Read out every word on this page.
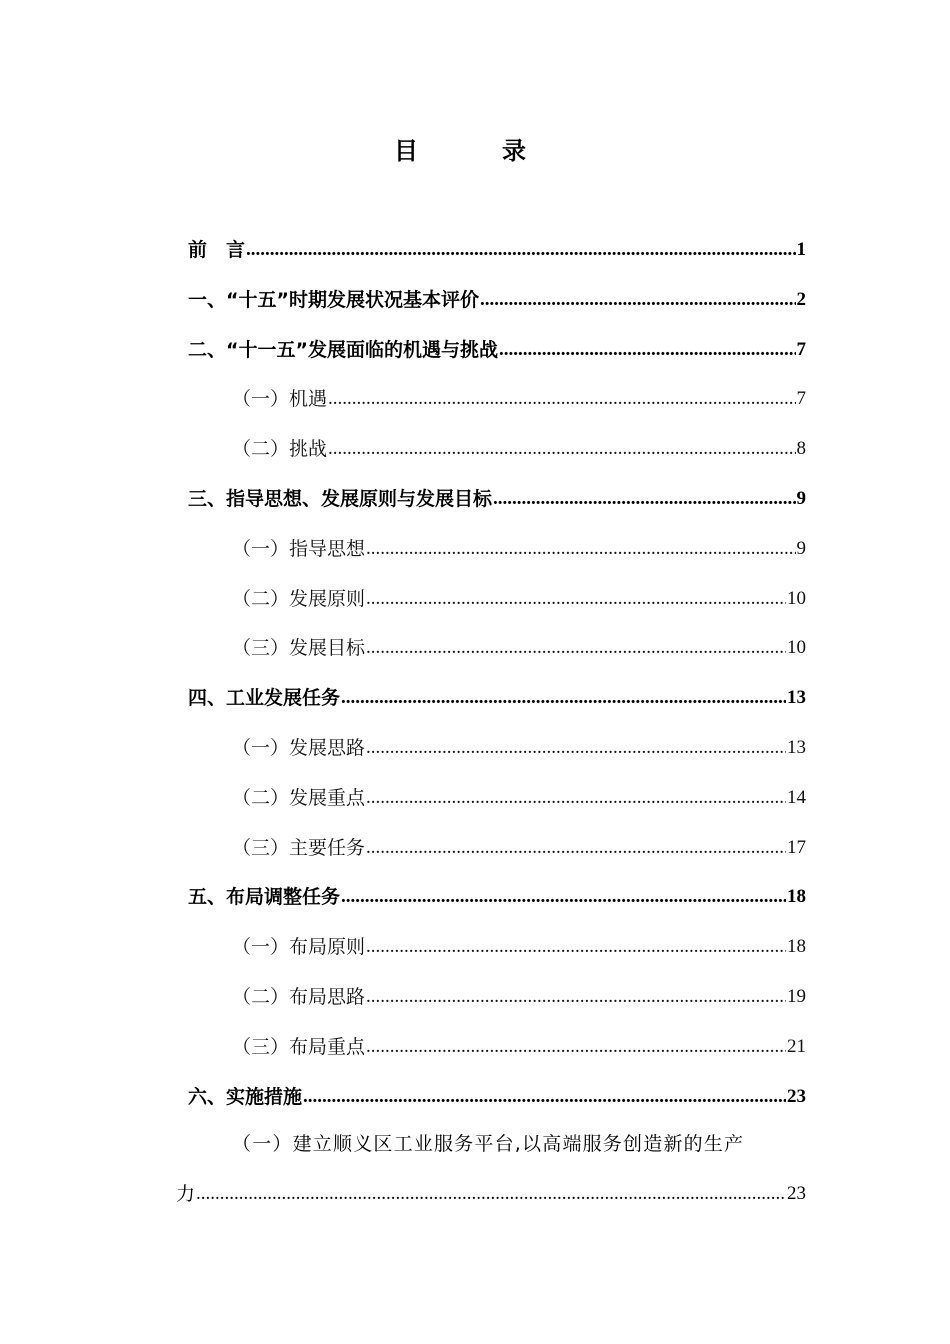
目　录
前　言 .....	1
一、“十五”时期发展状况基本评价 .....	2
二、“十一五”发展面临的机遇与挑战 .....	7
（一）机遇 .....	7
（二）挑战 .....	8
三、指导思想、发展原则与发展目标 .....	9
（一）指导思想 .....	9
（二）发展原则 .....	10
（三）发展目标 .....	10
四、工业发展任务 .....	13
（一）发展思路 .....	13
（二）发展重点 .....	14
（三）主要任务 .....	17
五、布局调整任务 .....	18
（一）布局原则 .....	18
（二）布局思路 .....	19
（三）布局重点 .....	21
六、实施措施 .....	23
（一）建立顺义区工业服务平台,以高端服务创造新的生产
力 .....	23
